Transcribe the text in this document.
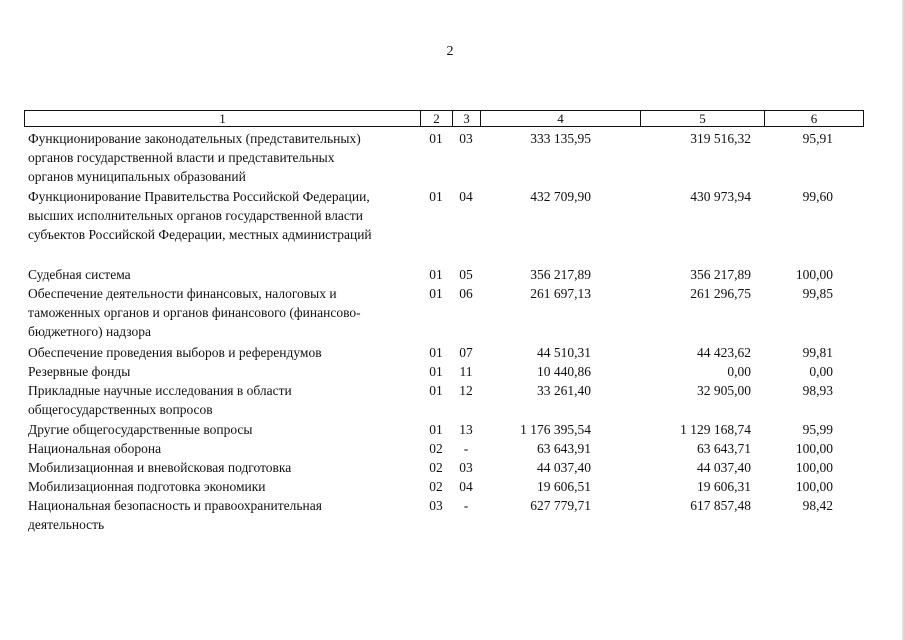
2
1	2	3	4	5	6
Функционирование законодательных (представительных)
органов государственной власти и представительных
органов муниципальных образований
01	03	333 135,95	319 516,32	95,91
Функционирование Правительства Российской Федерации,
высших исполнительных органов государственной власти
субъектов Российской Федерации, местных администраций
01	04	432 709,90	430 973,94	99,60
Судебная система	01	05	356 217,89	356 217,89	100,00
Обеспечение деятельности финансовых, налоговых и
таможенных органов и органов финансового (финансово-
бюджетного) надзора
01	06	261 697,13	261 296,75	99,85
Обеспечение проведения выборов и референдумов	01	07	44 510,31	44 423,62	99,81
Резервные фонды	01	11	10 440,86	0,00	0,00
Прикладные научные исследования в области
общегосударственных вопросов
01	12	33 261,40	32 905,00	98,93
Другие общегосударственные вопросы	01	13	1 176 395,54	1 129 168,74	95,99
Национальная оборона	02	-	63 643,91	63 643,71	100,00
Мобилизационная и вневойсковая подготовка	02	03	44 037,40	44 037,40	100,00
Мобилизационная подготовка экономики	02	04	19 606,51	19 606,31	100,00
Национальная безопасность и правоохранительная
деятельность
03	-	627 779,71	617 857,48	98,42
